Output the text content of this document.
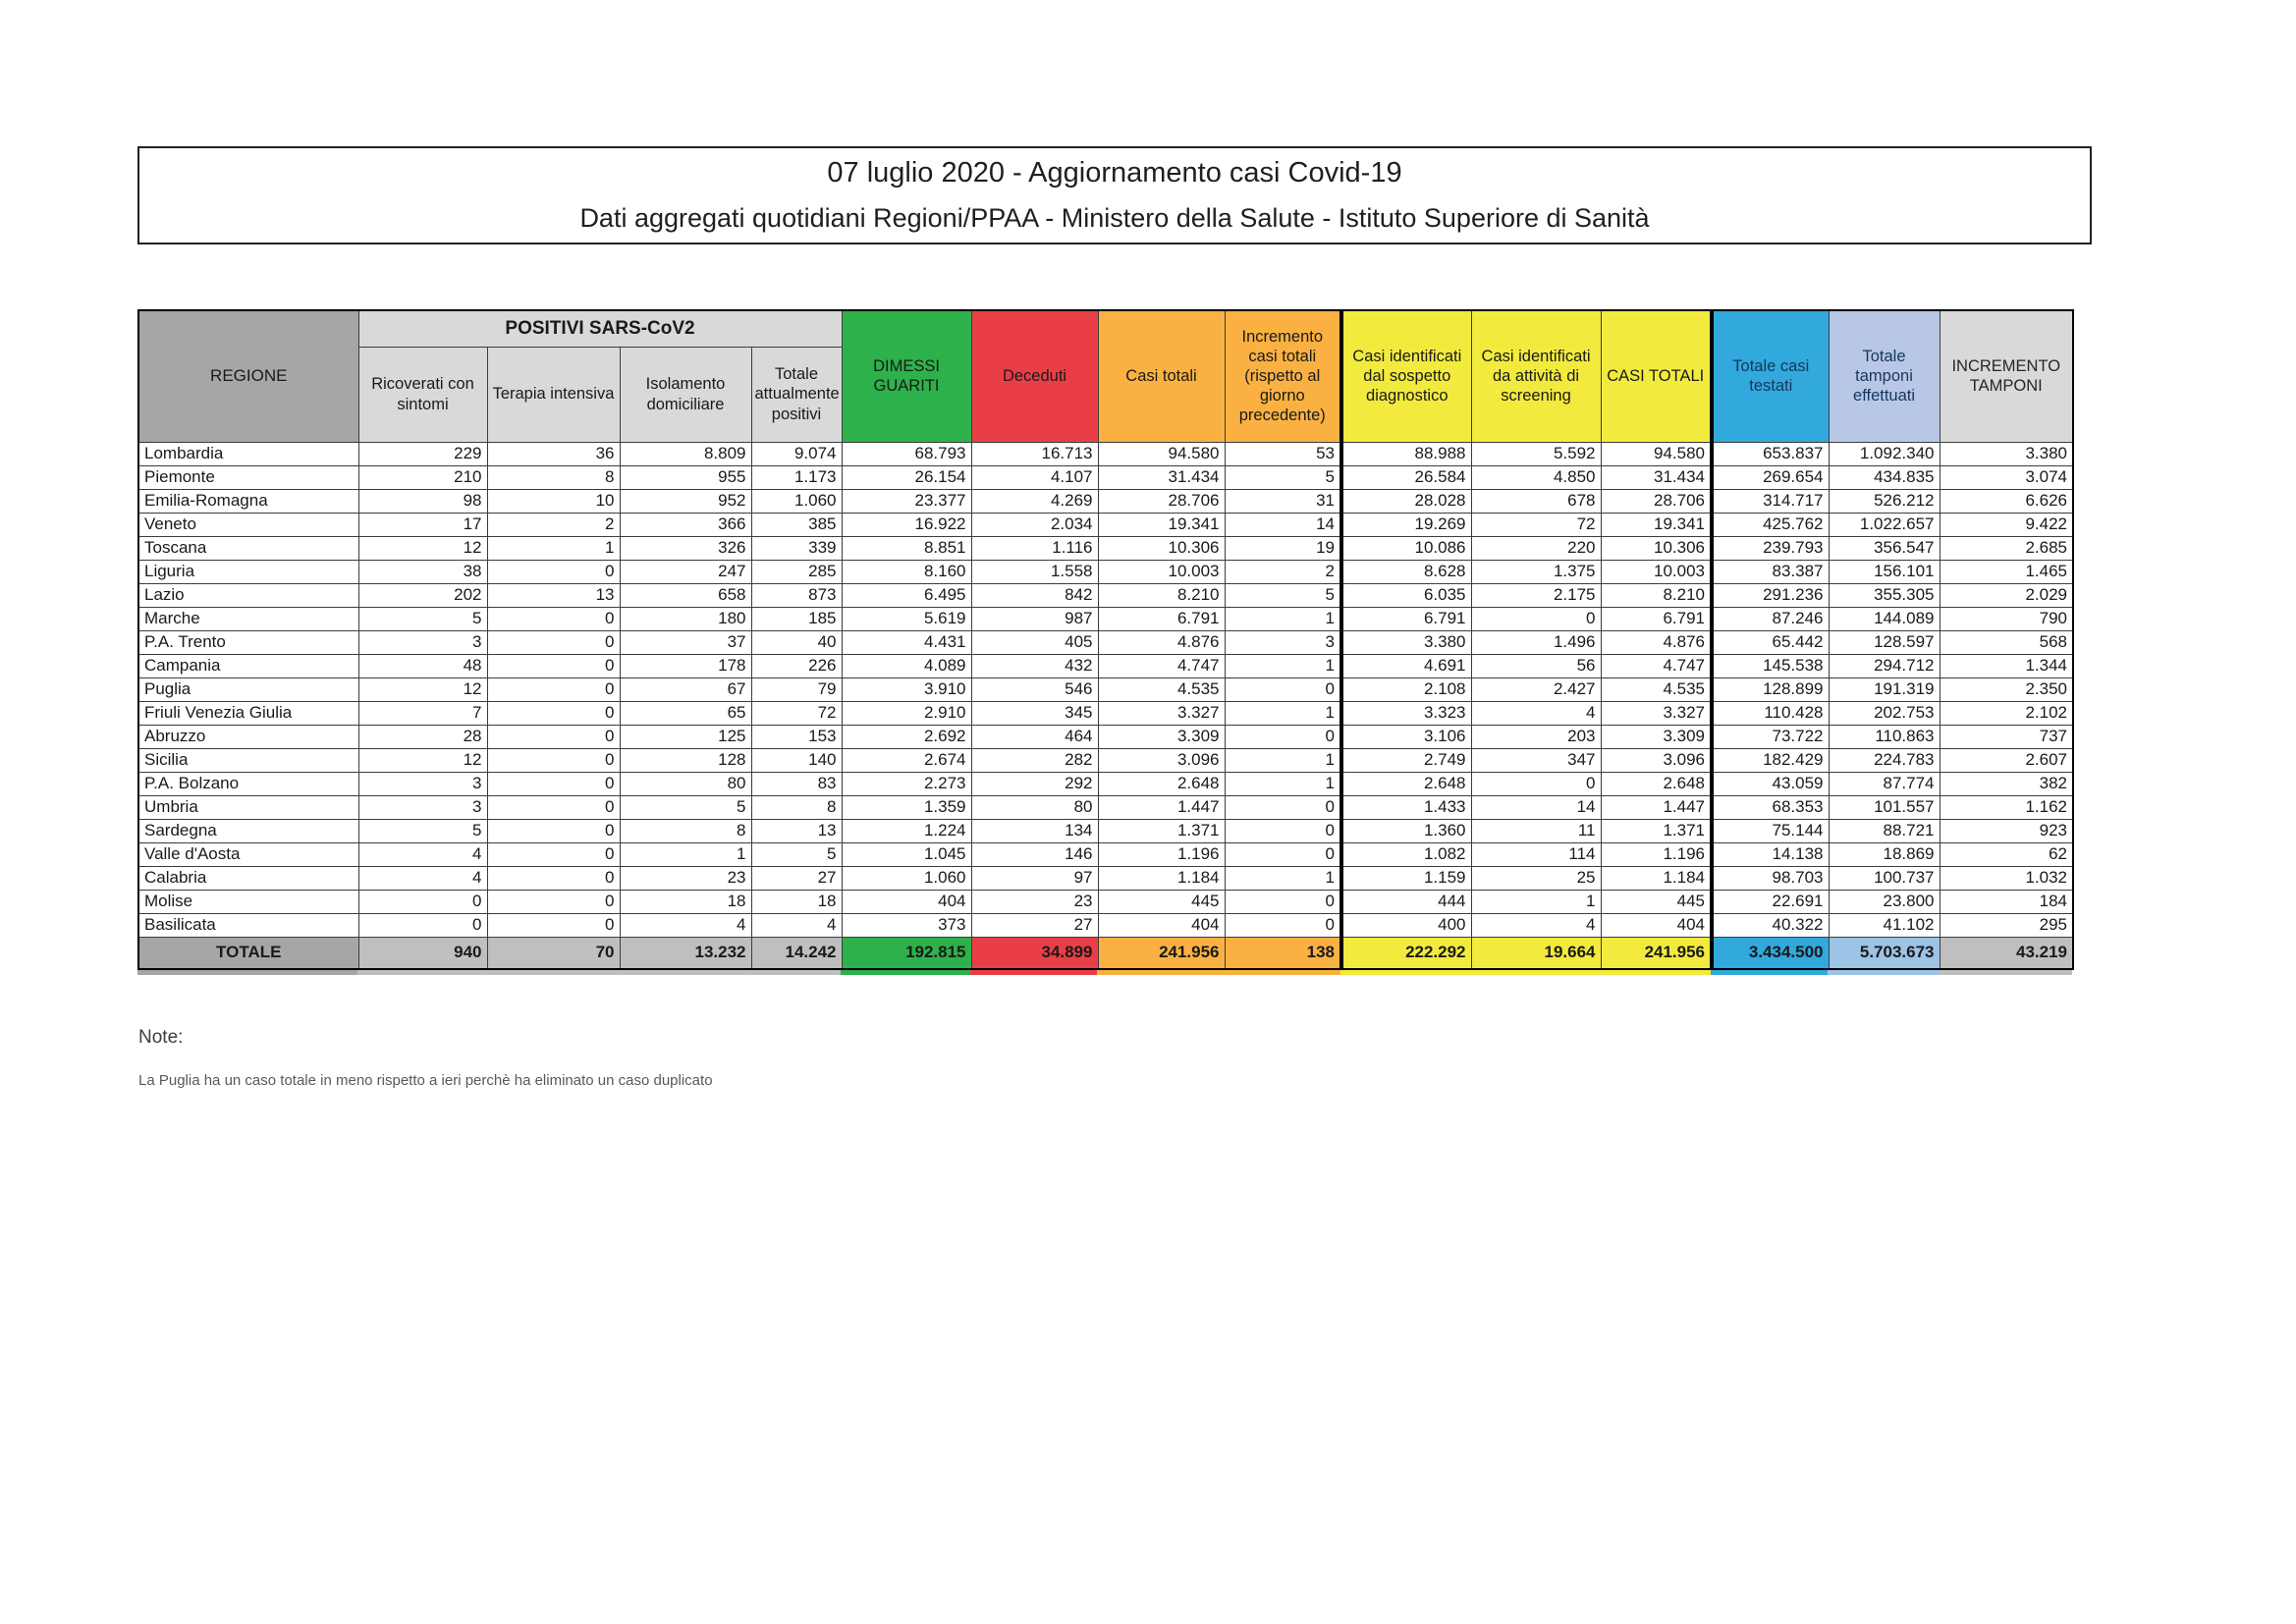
07 luglio 2020 - Aggiornamento casi Covid-19
Dati aggregati quotidiani Regioni/PPAA - Ministero della Salute - Istituto Superiore di Sanità
REGIONE	POSITIVI SARS-CoV2				DIMESSI GUARITI	Deceduti	Casi totali	Incremento casi totali (rispetto al giorno precedente)	Casi identificati dal sospetto diagnostico	Casi identificati da attività di screening	CASI TOTALI	Totale casi testati	Totale tamponi effettuati	INCREMENTO TAMPONI
	Ricoverati con sintomi	Terapia intensiva	Isolamento domiciliare	Totale attualmente positivi										
Lombardia	229	36	8.809	9.074	68.793	16.713	94.580	53	88.988	5.592	94.580	653.837	1.092.340	3.380
Piemonte	210	8	955	1.173	26.154	4.107	31.434	5	26.584	4.850	31.434	269.654	434.835	3.074
Emilia-Romagna	98	10	952	1.060	23.377	4.269	28.706	31	28.028	678	28.706	314.717	526.212	6.626
Veneto	17	2	366	385	16.922	2.034	19.341	14	19.269	72	19.341	425.762	1.022.657	9.422
Toscana	12	1	326	339	8.851	1.116	10.306	19	10.086	220	10.306	239.793	356.547	2.685
Liguria	38	0	247	285	8.160	1.558	10.003	2	8.628	1.375	10.003	83.387	156.101	1.465
Lazio	202	13	658	873	6.495	842	8.210	5	6.035	2.175	8.210	291.236	355.305	2.029
Marche	5	0	180	185	5.619	987	6.791	1	6.791	0	6.791	87.246	144.089	790
P.A. Trento	3	0	37	40	4.431	405	4.876	3	3.380	1.496	4.876	65.442	128.597	568
Campania	48	0	178	226	4.089	432	4.747	1	4.691	56	4.747	145.538	294.712	1.344
Puglia	12	0	67	79	3.910	546	4.535	0	2.108	2.427	4.535	128.899	191.319	2.350
Friuli Venezia Giulia	7	0	65	72	2.910	345	3.327	1	3.323	4	3.327	110.428	202.753	2.102
Abruzzo	28	0	125	153	2.692	464	3.309	0	3.106	203	3.309	73.722	110.863	737
Sicilia	12	0	128	140	2.674	282	3.096	1	2.749	347	3.096	182.429	224.783	2.607
P.A. Bolzano	3	0	80	83	2.273	292	2.648	1	2.648	0	2.648	43.059	87.774	382
Umbria	3	0	5	8	1.359	80	1.447	0	1.433	14	1.447	68.353	101.557	1.162
Sardegna	5	0	8	13	1.224	134	1.371	0	1.360	11	1.371	75.144	88.721	923
Valle d'Aosta	4	0	1	5	1.045	146	1.196	0	1.082	114	1.196	14.138	18.869	62
Calabria	4	0	23	27	1.060	97	1.184	1	1.159	25	1.184	98.703	100.737	1.032
Molise	0	0	18	18	404	23	445	0	444	1	445	22.691	23.800	184
Basilicata	0	0	4	4	373	27	404	0	400	4	404	40.322	41.102	295
TOTALE	940	70	13.232	14.242	192.815	34.899	241.956	138	222.292	19.664	241.956	3.434.500	5.703.673	43.219
Note:
La Puglia ha un caso totale in meno rispetto a ieri perchè ha eliminato un caso duplicato
